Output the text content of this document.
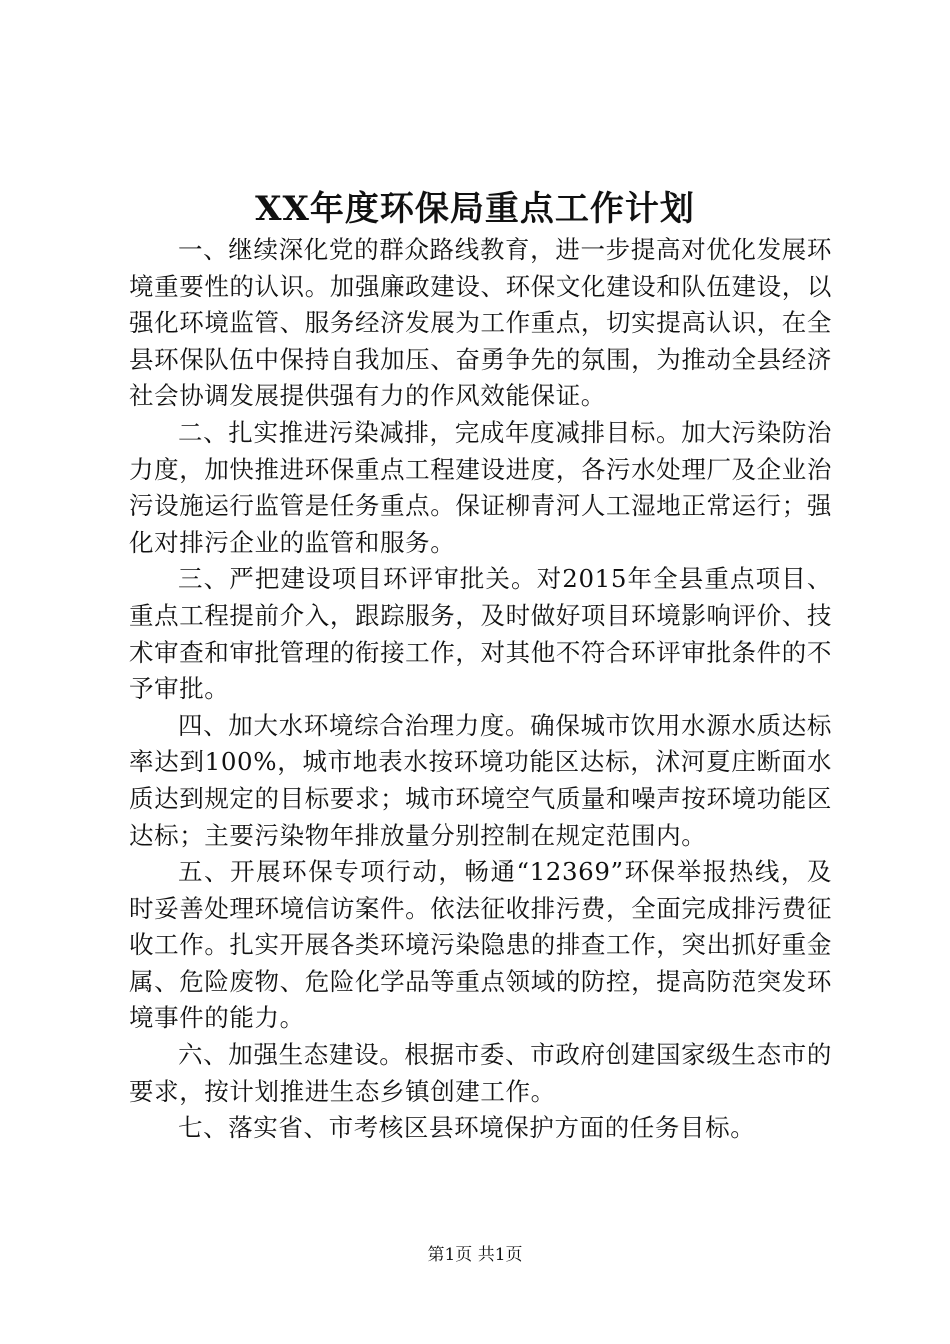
XX年度环保局重点工作计划

一、继续深化党的群众路线教育，进一步提高对优化发展环境重要性的认识。加强廉政建设、环保文化建设和队伍建设，以强化环境监管、服务经济发展为工作重点，切实提高认识，在全县环保队伍中保持自我加压、奋勇争先的氛围，为推动全县经济社会协调发展提供强有力的作风效能保证。

二、扎实推进污染减排，完成年度减排目标。加大污染防治力度，加快推进环保重点工程建设进度，各污水处理厂及企业治污设施运行监管是任务重点。保证柳青河人工湿地正常运行；强化对排污企业的监管和服务。

三、严把建设项目环评审批关。对2015年全县重点项目、重点工程提前介入，跟踪服务，及时做好项目环境影响评价、技术审查和审批管理的衔接工作，对其他不符合环评审批条件的不予审批。

四、加大水环境综合治理力度。确保城市饮用水源水质达标率达到100%，城市地表水按环境功能区达标，沭河夏庄断面水质达到规定的目标要求；城市环境空气质量和噪声按环境功能区达标；主要污染物年排放量分别控制在规定范围内。

五、开展环保专项行动，畅通“12369”环保举报热线，及时妥善处理环境信访案件。依法征收排污费，全面完成排污费征收工作。扎实开展各类环境污染隐患的排查工作，突出抓好重金属、危险废物、危险化学品等重点领域的防控，提高防范突发环境事件的能力。

六、加强生态建设。根据市委、市政府创建国家级生态市的要求，按计划推进生态乡镇创建工作。

七、落实省、市考核区县环境保护方面的任务目标。

第1页 共1页
